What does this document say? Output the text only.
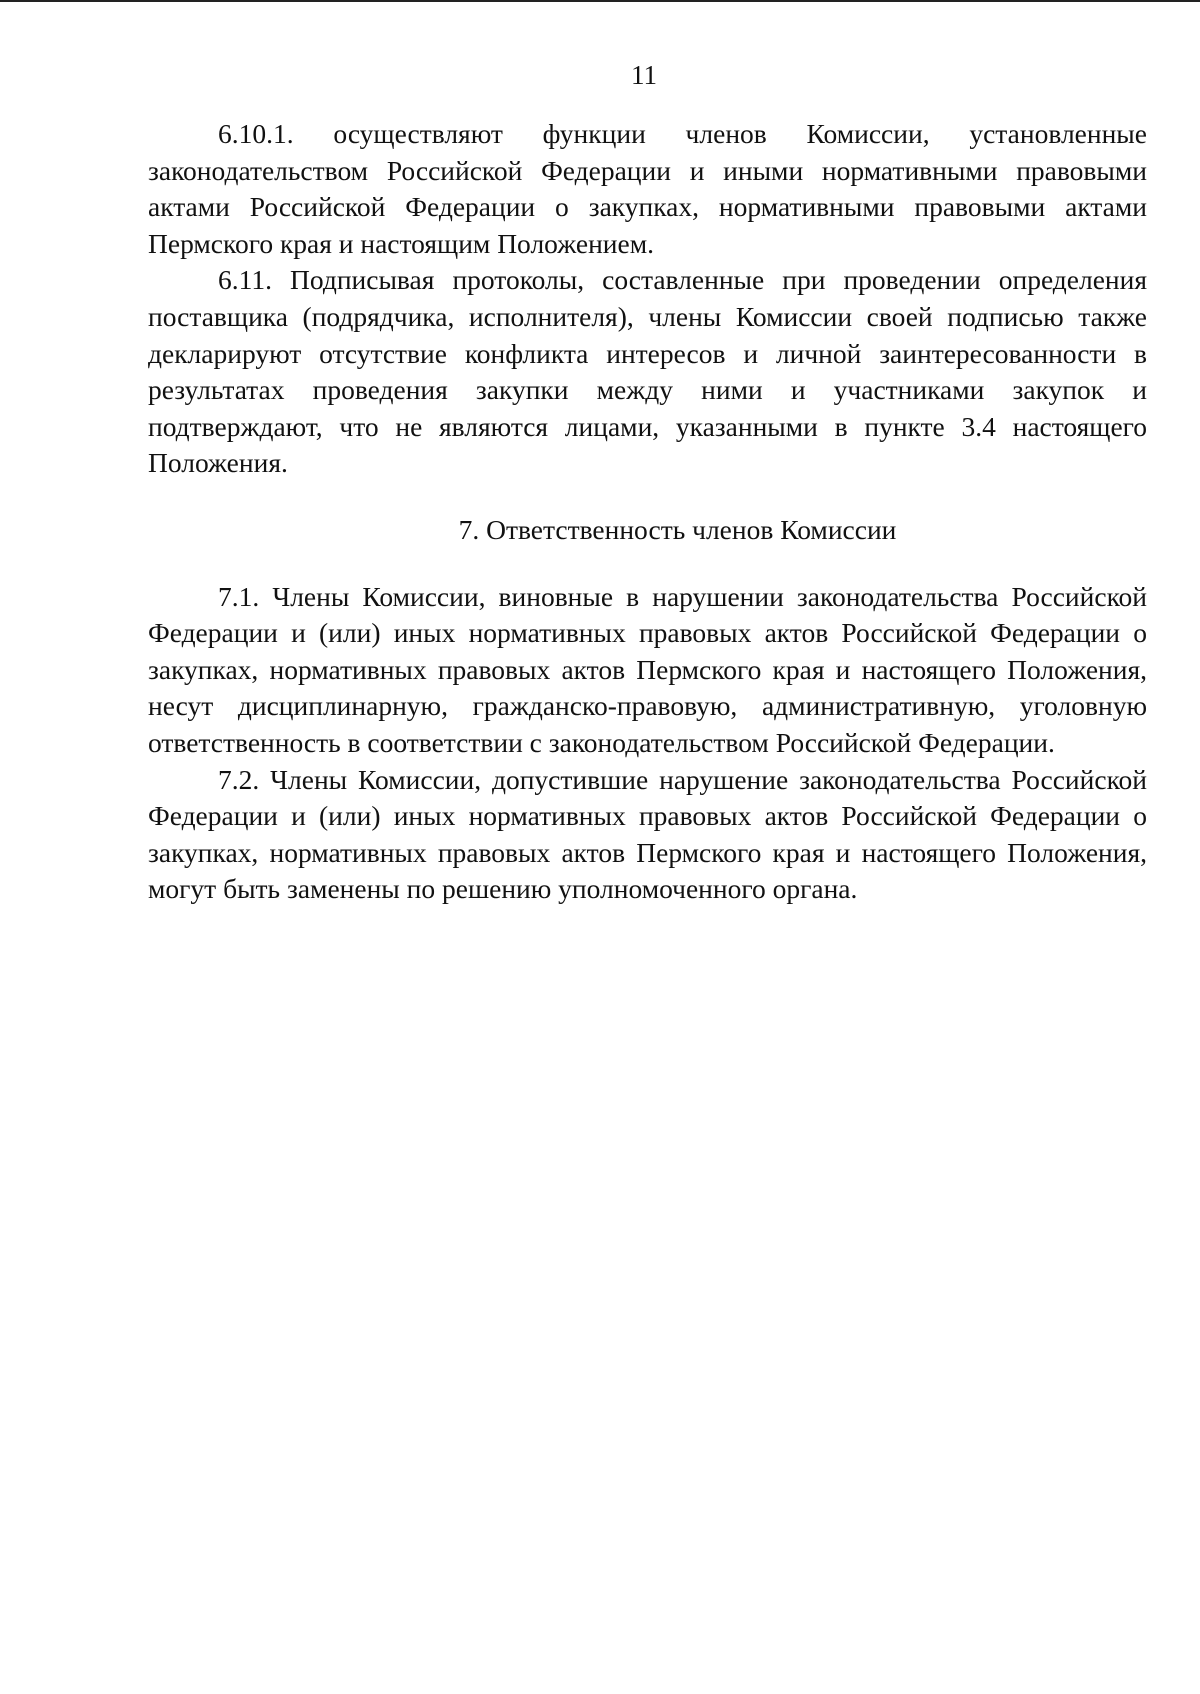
11

6.10.1. осуществляют функции членов Комиссии, установленные законодательством Российской Федерации и иными нормативными правовыми актами Российской Федерации о закупках, нормативными правовыми актами Пермского края и настоящим Положением.

6.11. Подписывая протоколы, составленные при проведении определения поставщика (подрядчика, исполнителя), члены Комиссии своей подписью также декларируют отсутствие конфликта интересов и личной заинтересованности в результатах проведения закупки между ними и участниками закупок и подтверждают, что не являются лицами, указанными в пункте 3.4 настоящего Положения.

7. Ответственность членов Комиссии

7.1. Члены Комиссии, виновные в нарушении законодательства Российской Федерации и (или) иных нормативных правовых актов Российской Федерации о закупках, нормативных правовых актов Пермского края и настоящего Положения, несут дисциплинарную, гражданско-правовую, административную, уголовную ответственность в соответствии с законодательством Российской Федерации.

7.2. Члены Комиссии, допустившие нарушение законодательства Российской Федерации и (или) иных нормативных правовых актов Российской Федерации о закупках, нормативных правовых актов Пермского края и настоящего Положения, могут быть заменены по решению уполномоченного органа.
